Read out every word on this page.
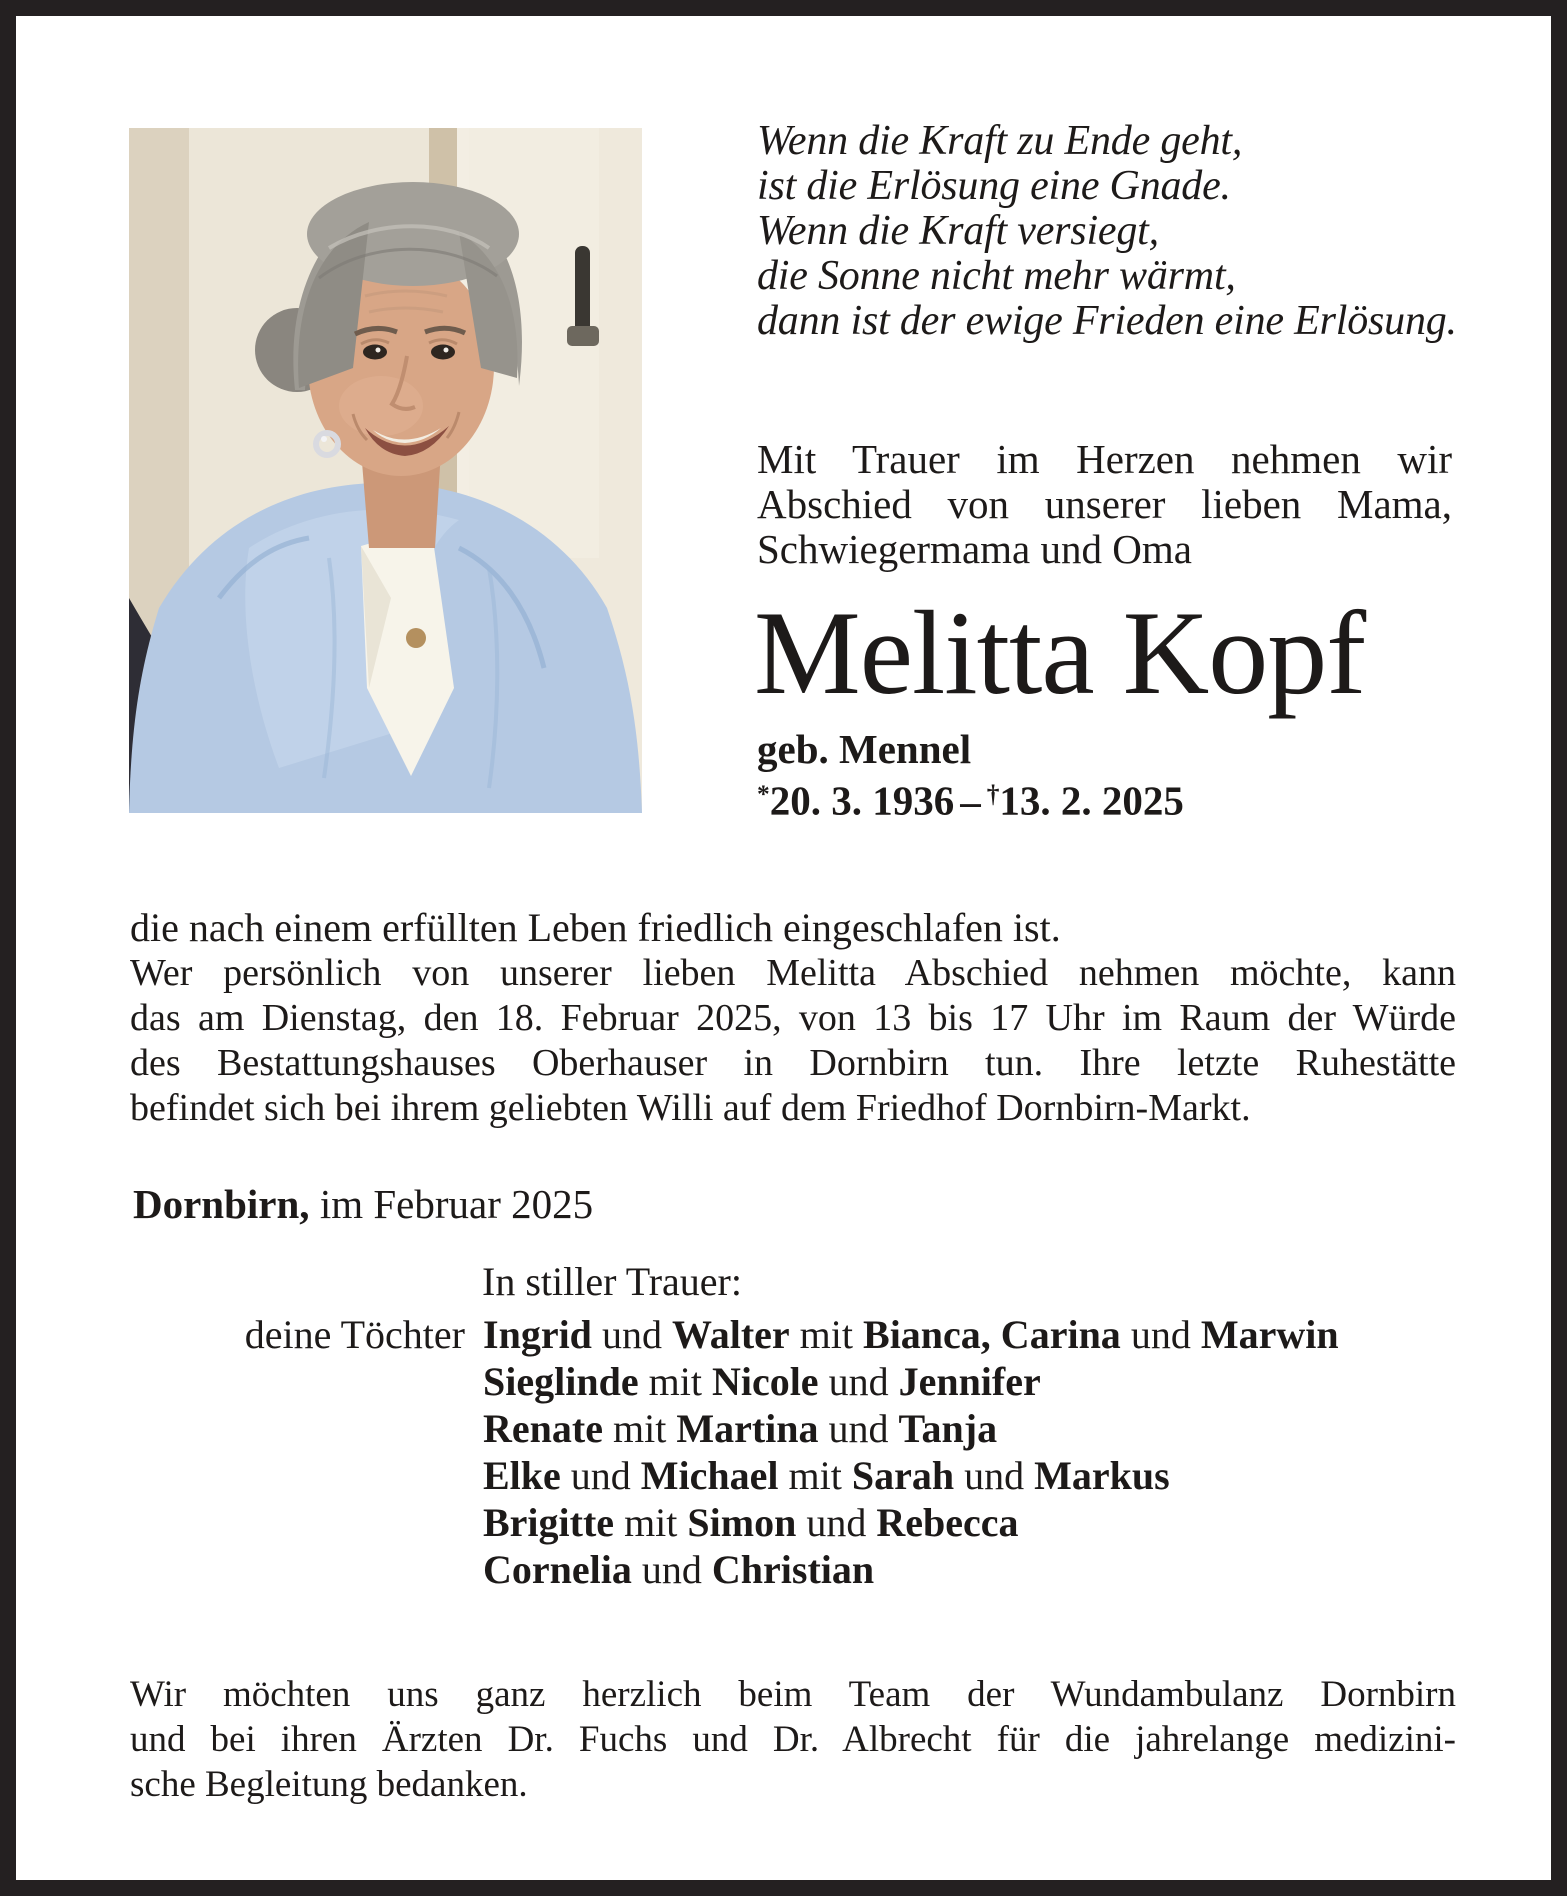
Wenn die Kraft zu Ende geht,
ist die Erlösung eine Gnade.
Wenn die Kraft versiegt,
die Sonne nicht mehr wärmt,
dann ist der ewige Frieden eine Erlösung.
Mit Trauer im Herzen nehmen wir
Abschied von unserer lieben Mama,
Schwiegermama und Oma
Melitta Kopf
geb. Mennel
*20. 3. 1936 – †13. 2. 2025

die nach einem erfüllten Leben friedlich eingeschlafen ist.

Wer persönlich von unserer lieben Melitta Abschied nehmen möchte, kann
das am Dienstag, den 18. Februar 2025, von 13 bis 17 Uhr im Raum der Würde
des Bestattungshauses Oberhauser in Dornbirn tun. Ihre letzte Ruhestätte
befindet sich bei ihrem geliebten Willi auf dem Friedhof Dornbirn-Markt.
Dornbirn, im Februar 2025
In stiller Trauer:
deine Töchter Ingrid und Walter mit Bianca, Carina und Marwin
Sieglinde mit Nicole und Jennifer
Renate mit Martina und Tanja
Elke und Michael mit Sarah und Markus
Brigitte mit Simon und Rebecca
Cornelia und Christian
Wir möchten uns ganz herzlich beim Team der Wundambulanz Dornbirn
und bei ihren Ärzten Dr. Fuchs und Dr. Albrecht für die jahrelange medizini-
sche Begleitung bedanken.
